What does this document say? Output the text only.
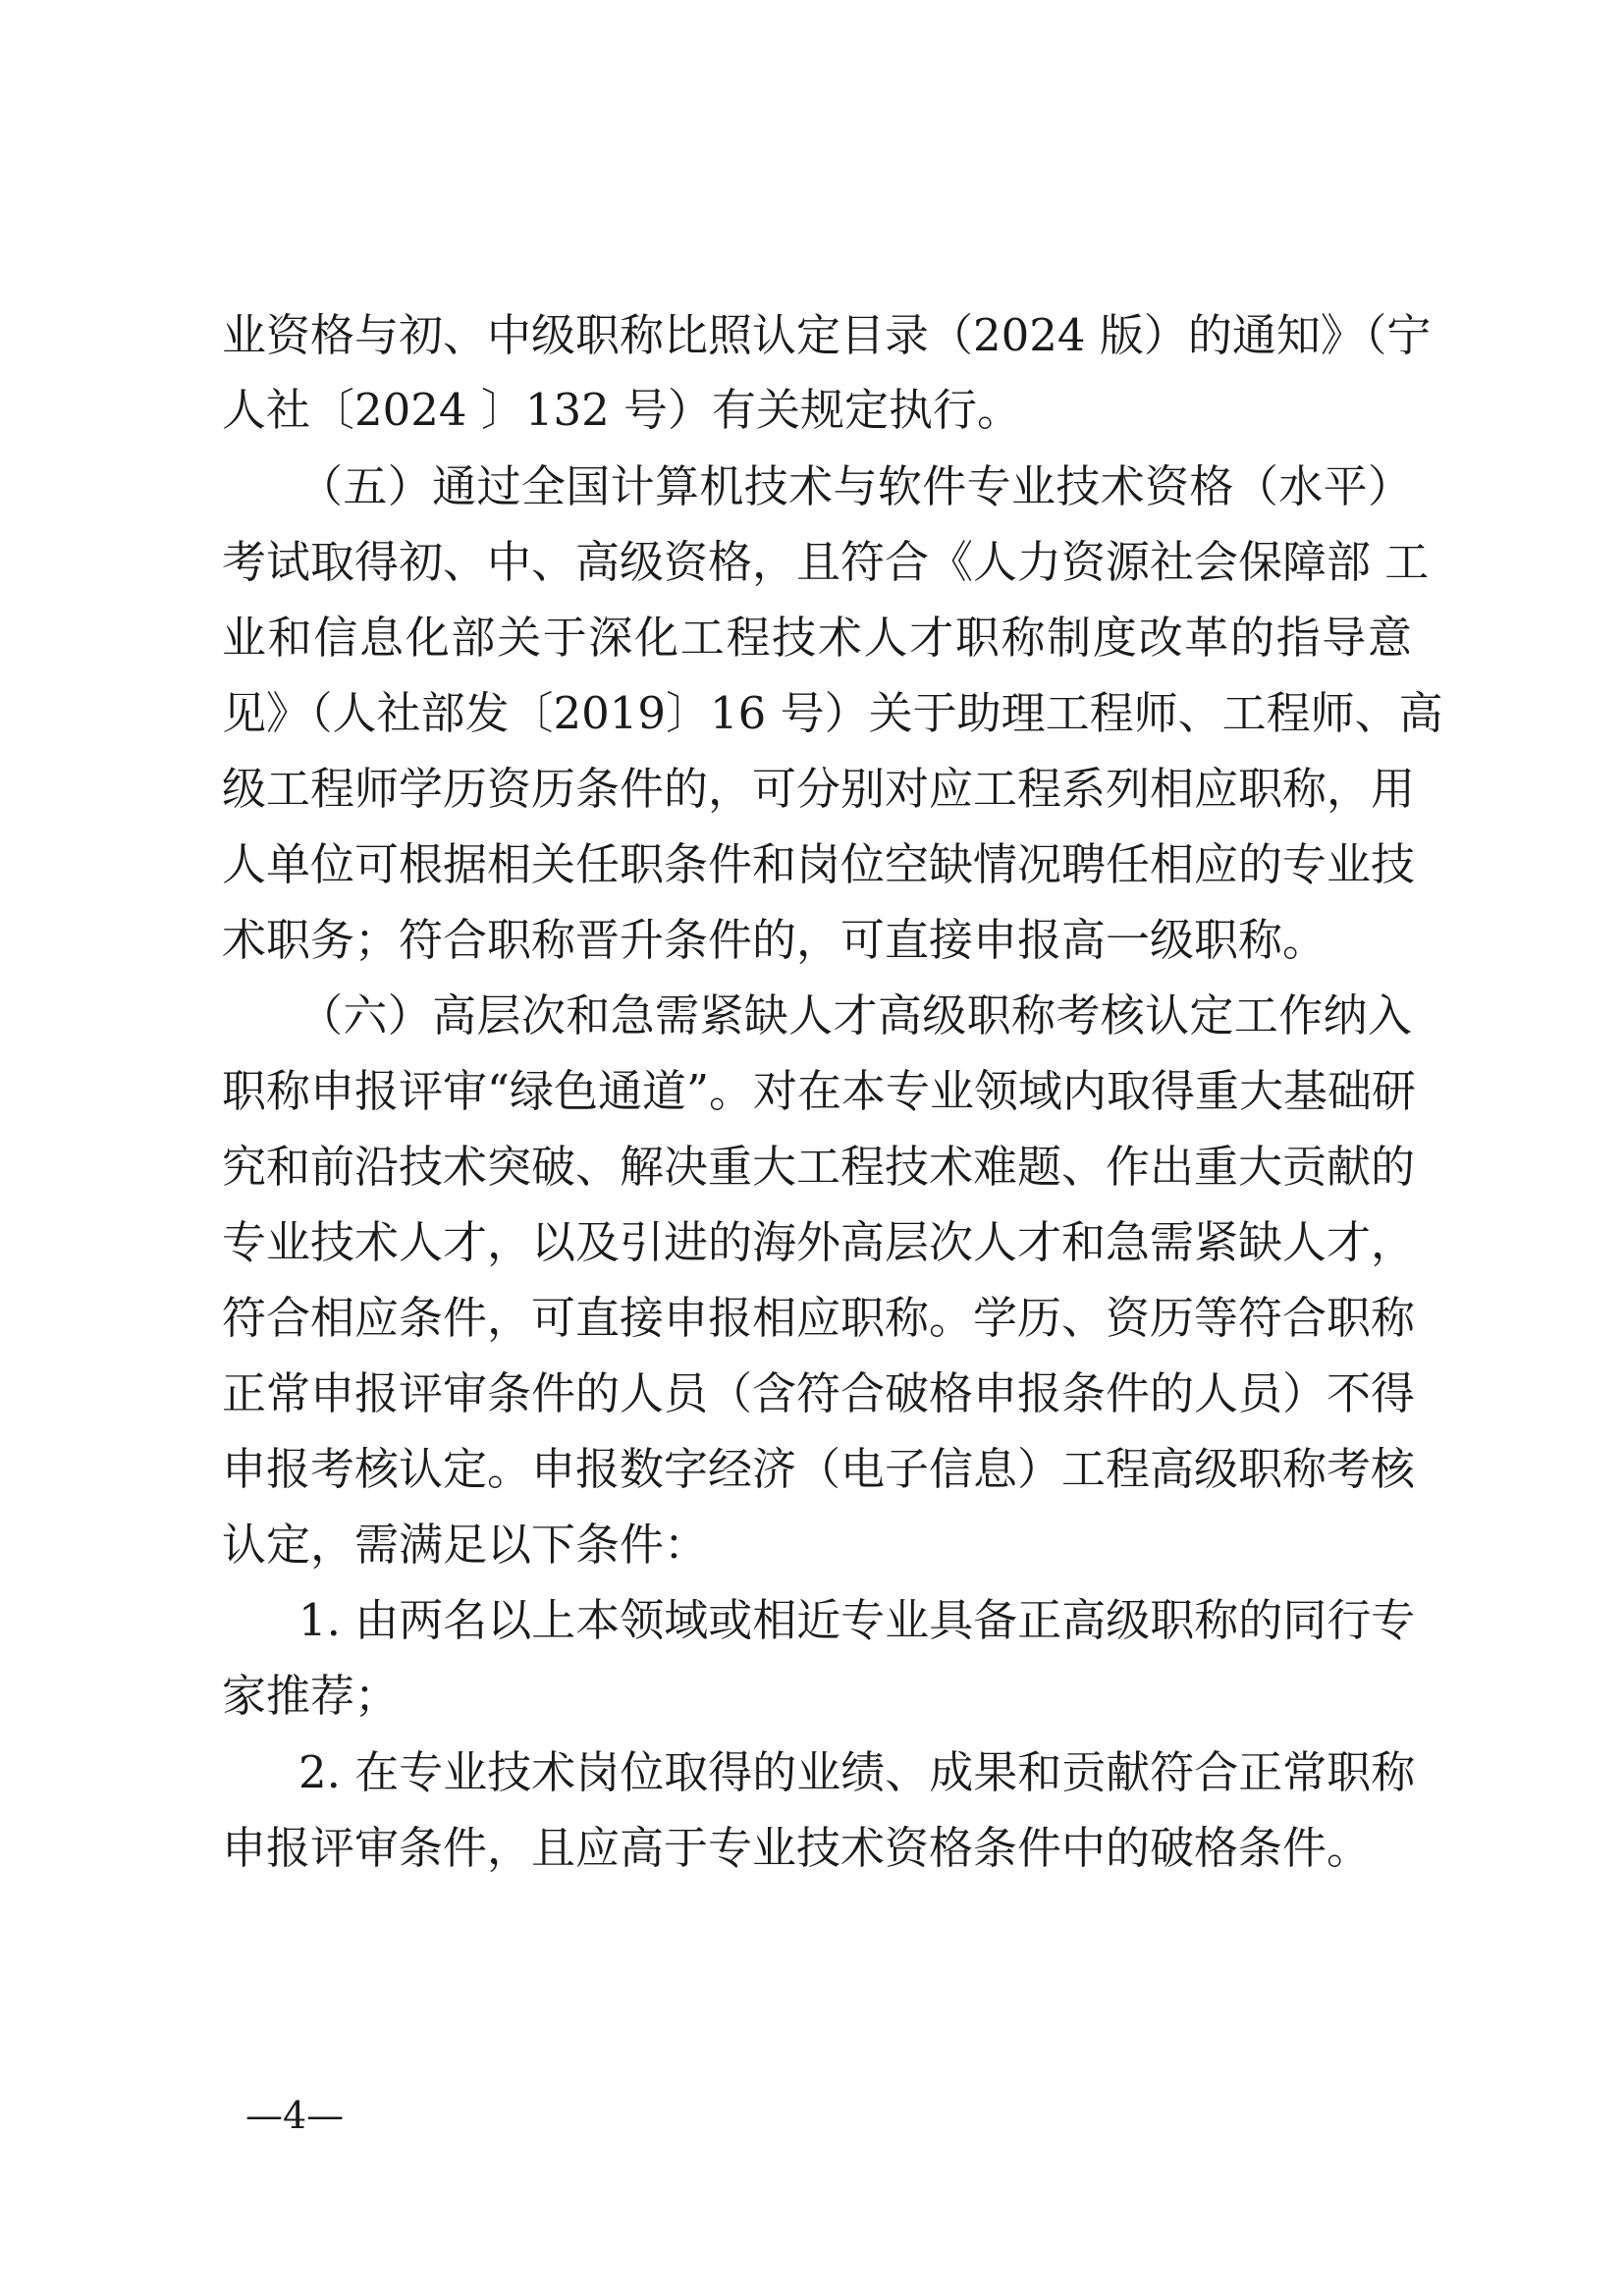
业资格与初、中级职称比照认定目录（2024 版）的通知》（宁
人社〔2024 〕132 号）有关规定执行。
（五）通过全国计算机技术与软件专业技术资格（水平）
考试取得初、中、高级资格，且符合《人力资源社会保障部 工
业和信息化部关于深化工程技术人才职称制度改革的指导意
见》（人社部发〔2019〕16 号）关于助理工程师、工程师、高
级工程师学历资历条件的，可分别对应工程系列相应职称，用
人单位可根据相关任职条件和岗位空缺情况聘任相应的专业技
术职务；符合职称晋升条件的，可直接申报高一级职称。
（六）高层次和急需紧缺人才高级职称考核认定工作纳入
职称申报评审“绿色通道”。对在本专业领域内取得重大基础研
究和前沿技术突破、解决重大工程技术难题、作出重大贡献的
专业技术人才，以及引进的海外高层次人才和急需紧缺人才，
符合相应条件，可直接申报相应职称。学历、资历等符合职称
正常申报评审条件的人员（含符合破格申报条件的人员）不得
申报考核认定。申报数字经济（电子信息）工程高级职称考核
认定，需满足以下条件：
1. 由两名以上本领域或相近专业具备正高级职称的同行专
家推荐；
2. 在专业技术岗位取得的业绩、成果和贡献符合正常职称
申报评审条件，且应高于专业技术资格条件中的破格条件。
—4—
